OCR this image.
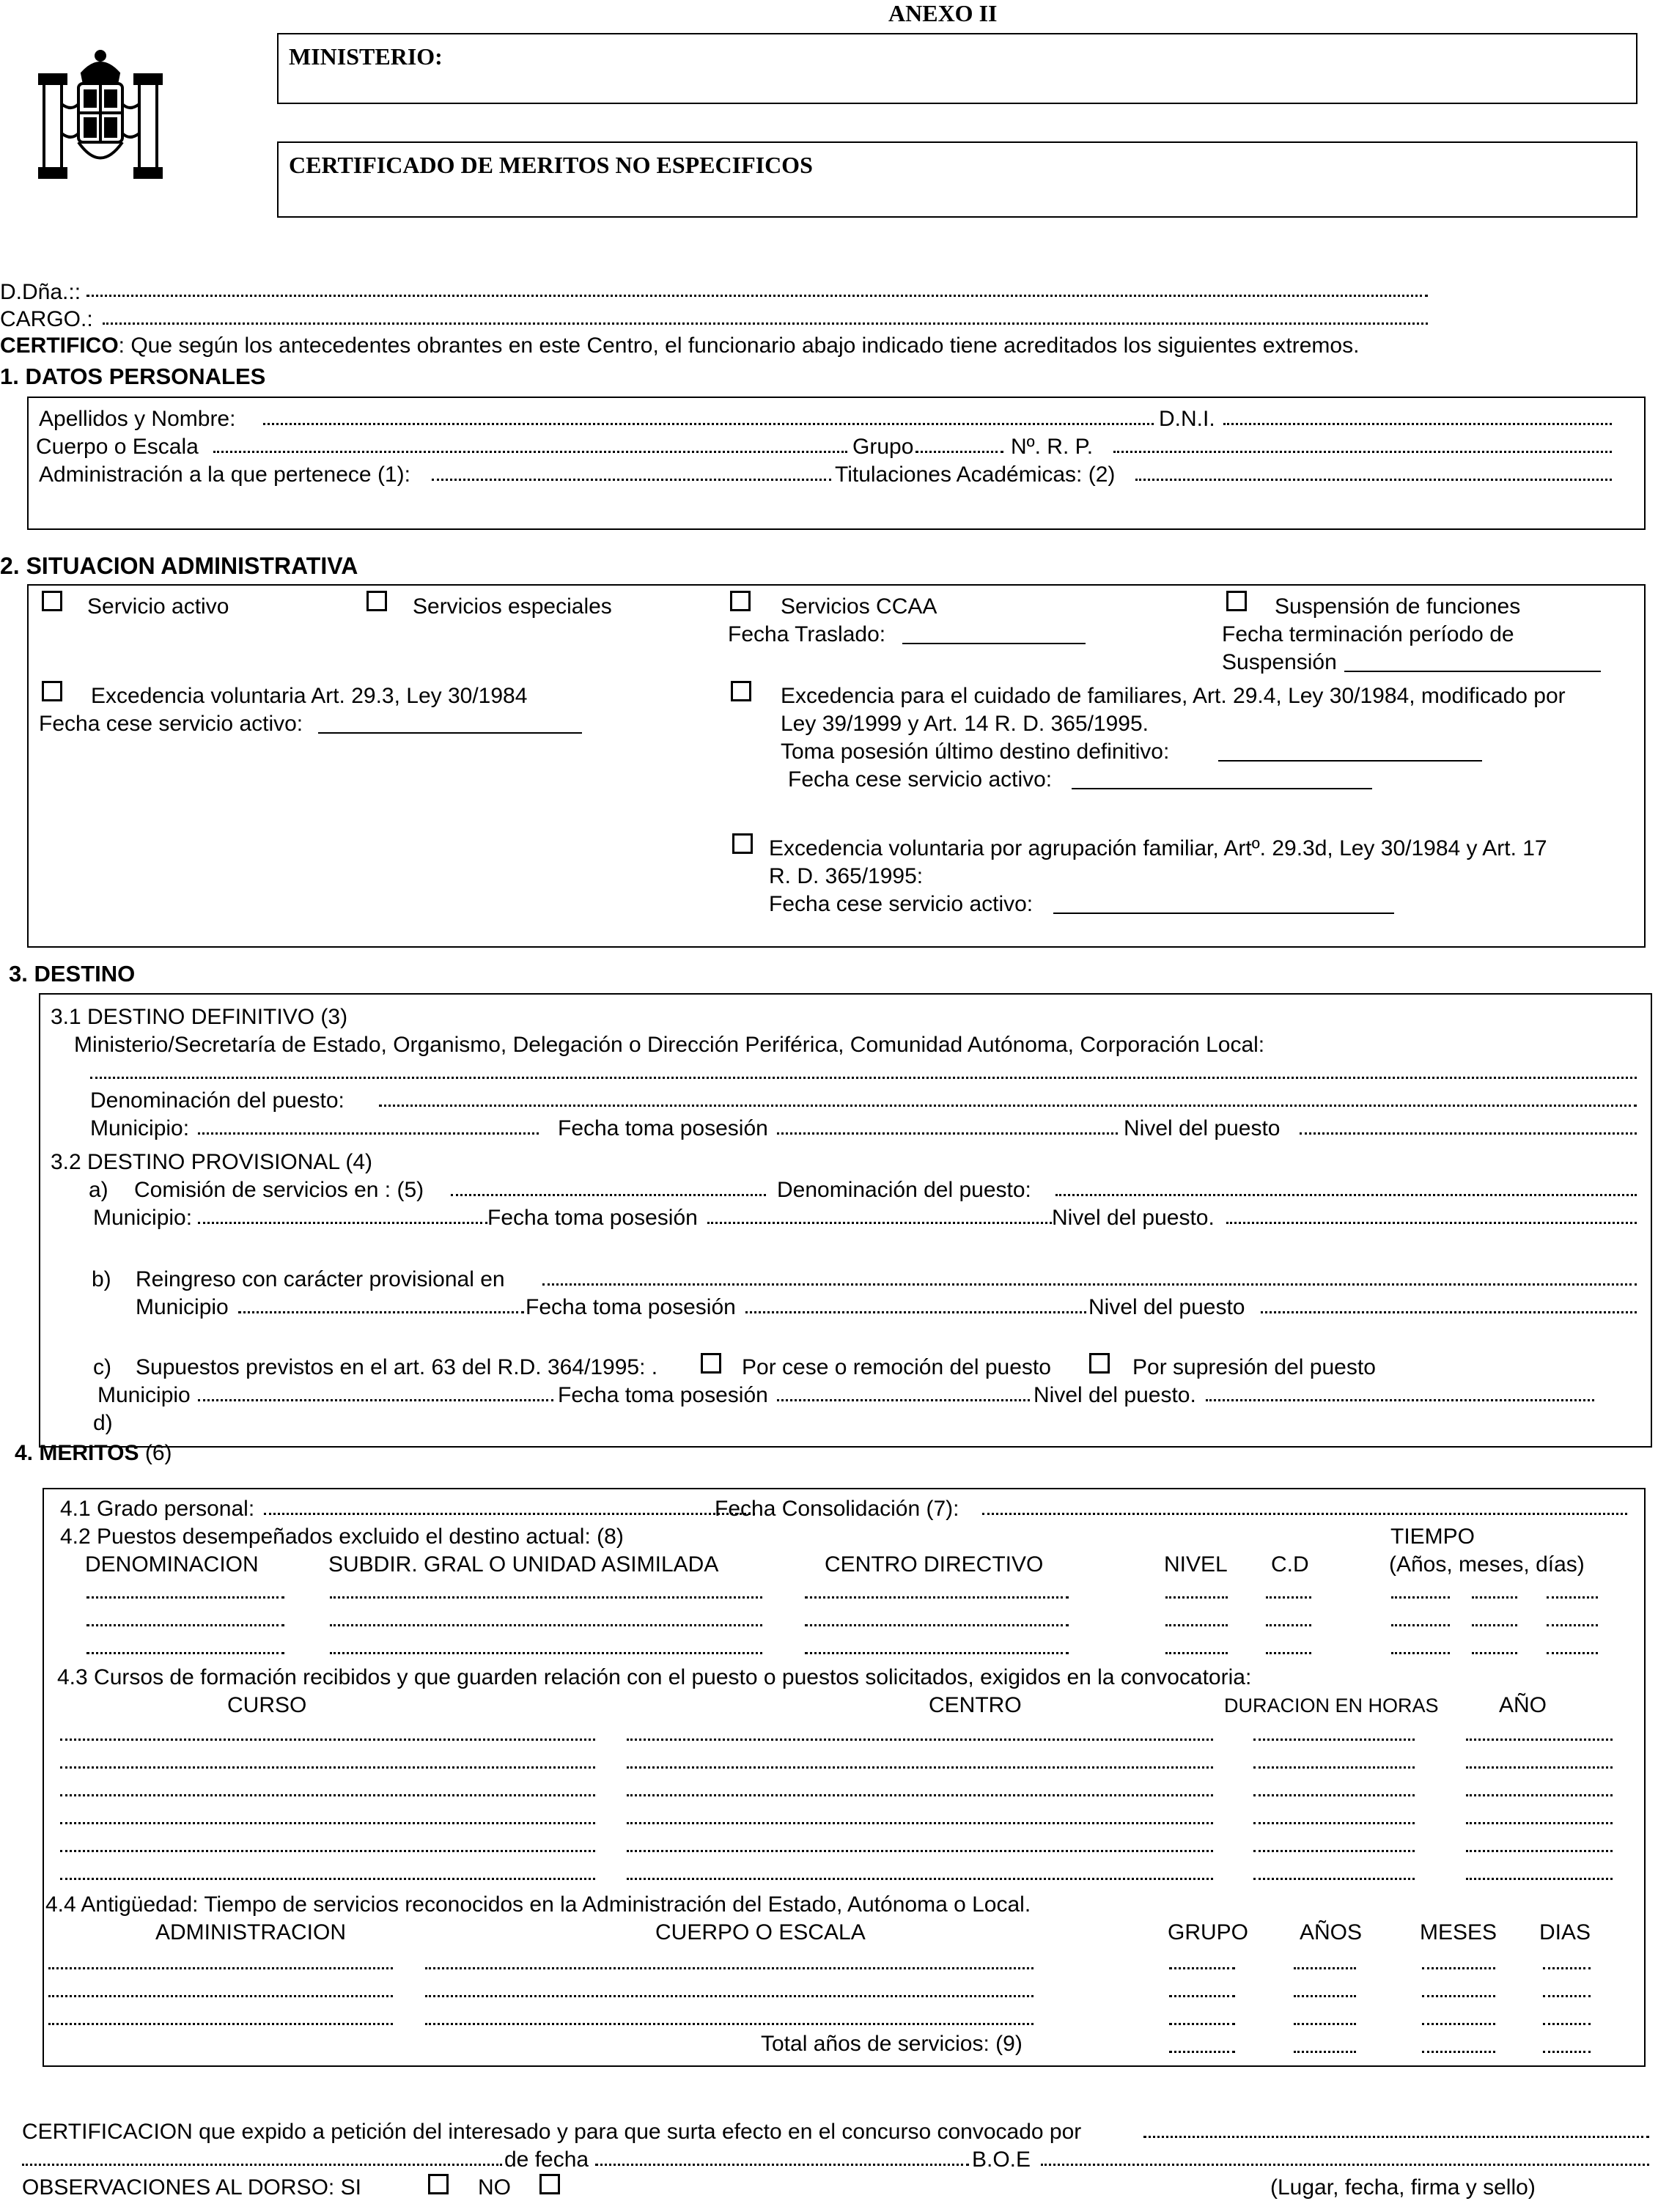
ANEXO II
MINISTERIO:
CERTIFICADO DE MERITOS NO ESPECIFICOS
D.Dña.::
CARGO.:
CERTIFICO: Que según los antecedentes obrantes en este Centro, el funcionario abajo indicado tiene acreditados los siguientes extremos.
1. DATOS PERSONALES
Apellidos y Nombre:	D.N.I.
Cuerpo o Escala	Grupo	Nº. R. P.
Administración a la que pertenece (1):	Titulaciones Académicas: (2)
2. SITUACION ADMINISTRATIVA
Servicio activo	Servicios especiales	Servicios CCAA
Fecha Traslado:
Suspensión de funciones
Fecha terminación período de
Suspensión
Excedencia voluntaria Art. 29.3, Ley 30/1984
Fecha cese servicio activo:
Excedencia para el cuidado de familiares, Art. 29.4, Ley 30/1984, modificado por
Ley 39/1999 y Art. 14 R. D. 365/1995.
Toma posesión último destino definitivo:
Fecha cese servicio activo:
Excedencia voluntaria por agrupación familiar, Artº. 29.3d, Ley 30/1984 y Art. 17
R. D. 365/1995:
Fecha cese servicio activo:
3. DESTINO
3.1 DESTINO DEFINITIVO (3)
Ministerio/Secretaría de Estado, Organismo, Delegación o Dirección Periférica, Comunidad Autónoma, Corporación Local:
Denominación del puesto:
Municipio:	Fecha toma posesión	Nivel del puesto
3.2 DESTINO PROVISIONAL (4)
a) Comisión de servicios en : (5)	Denominación del puesto:
Municipio:	Fecha toma posesión	Nivel del puesto.
b) Reingreso con carácter provisional en
Municipio	Fecha toma posesión	Nivel del puesto
c) Supuestos previstos en el art. 63 del R.D. 364/1995: .	Por cese o remoción del puesto	Por supresión del puesto
Municipio	Fecha toma posesión	Nivel del puesto.
d)
4. MERITOS (6)
4.1 Grado personal:	Fecha Consolidación (7):
4.2 Puestos desempeñados excluido el destino actual: (8)	TIEMPO
DENOMINACION	SUBDIR. GRAL O UNIDAD ASIMILADA	CENTRO DIRECTIVO	NIVEL C.D	(Años, meses, días)
4.3 Cursos de formación recibidos y que guarden relación con el puesto o puestos solicitados, exigidos en la convocatoria:
CURSO	CENTRO	DURACION EN HORAS	AÑO
4.4 Antigüedad: Tiempo de servicios reconocidos en la Administración del Estado, Autónoma o Local.
ADMINISTRACION	CUERPO O ESCALA	GRUPO AÑOS	MESES DIAS
Total años de servicios: (9)
CERTIFICACION que expido a petición del interesado y para que surta efecto en el concurso convocado por
de fecha	B.O.E
OBSERVACIONES AL DORSO: SI	NO	(Lugar, fecha, firma y sello)
